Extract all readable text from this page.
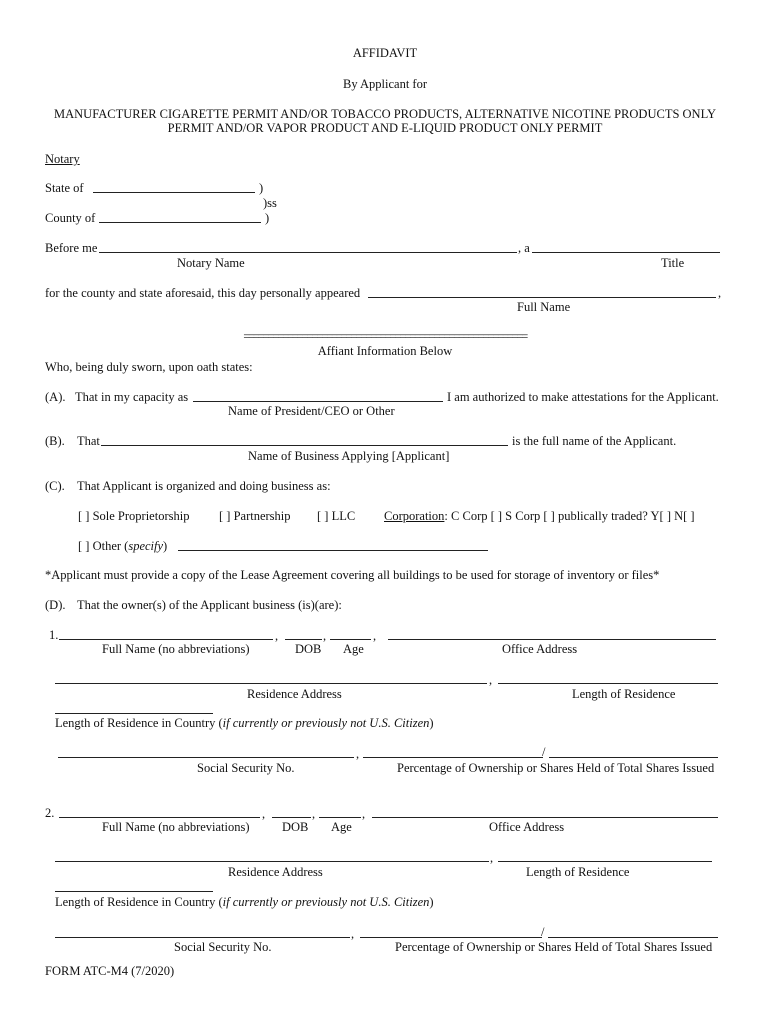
AFFIDAVIT
By Applicant for
MANUFACTURER CIGARETTE PERMIT AND/OR TOBACCO PRODUCTS, ALTERNATIVE NICOTINE PRODUCTS ONLY
PERMIT AND/OR VAPOR PRODUCT AND E-LIQUID PRODUCT ONLY PERMIT
Notary
State of	)
)ss
County of	)
Before me	, a
Notary Name	Title
for the county and state aforesaid, this day personally appeared	,
Full Name
==========================================================
Affiant Information Below
Who, being duly sworn, upon oath states:
(A). That in my capacity as	I am authorized to make attestations for the Applicant.
Name of President/CEO or Other
(B). That	is the full name of the Applicant.
Name of Business Applying [Applicant]
(C). That Applicant is organized and doing business as:
[ ] Sole Proprietorship [ ] Partnership [ ] LLC Corporation: C Corp [ ] S Corp [ ] publically traded? Y[ ] N[ ]
[ ] Other (specify)
*Applicant must provide a copy of the Lease Agreement covering all buildings to be used for storage of inventory or files*
(D). That the owner(s) of the Applicant business (is)(are):
1.	,	,	,
Full Name (no abbreviations)	DOB Age	Office Address
,
Residence Address	Length of Residence
Length of Residence in Country (if currently or previously not U.S. Citizen)
,	/
Social Security No.	Percentage of Ownership or Shares Held of Total Shares Issued
2.	,	,	,
Full Name (no abbreviations)	DOB Age	Office Address
,
Residence Address	Length of Residence
Length of Residence in Country (if currently or previously not U.S. Citizen)
,	/
Social Security No.	Percentage of Ownership or Shares Held of Total Shares Issued
FORM ATC-M4 (7/2020)
